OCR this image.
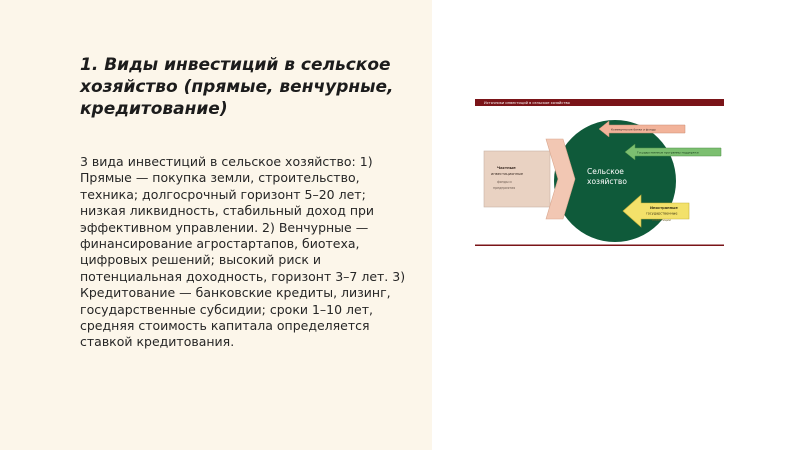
1. Виды инвестиций в сельское хозяйство (прямые, венчурные, кредитование)
3 вида инвестиций в сельское хозяйство: 1) Прямые — покупка земли, строительство, техника; долгосрочный горизонт 5–20 лет; низкая ликвидность, стабильный доход при эффективном управлении. 2) Венчурные — финансирование агростартапов, биотеха, цифровых решений; высокий риск и потенциальная доходность, горизонт 3–7 лет. 3) Кредитование — банковские кредиты, лизинг, государственные субсидии; сроки 1–10 лет, средняя стоимость капитала определяется ставкой кредитования.
Источники инвестиций в сельское хозяйство
Сельское
хозяйство
Частные
инвестиционные
фонды и
предприятия
Коммерческие банки и фонды
Государственные программы поддержки
Иностранные
государственные
инвестиции
